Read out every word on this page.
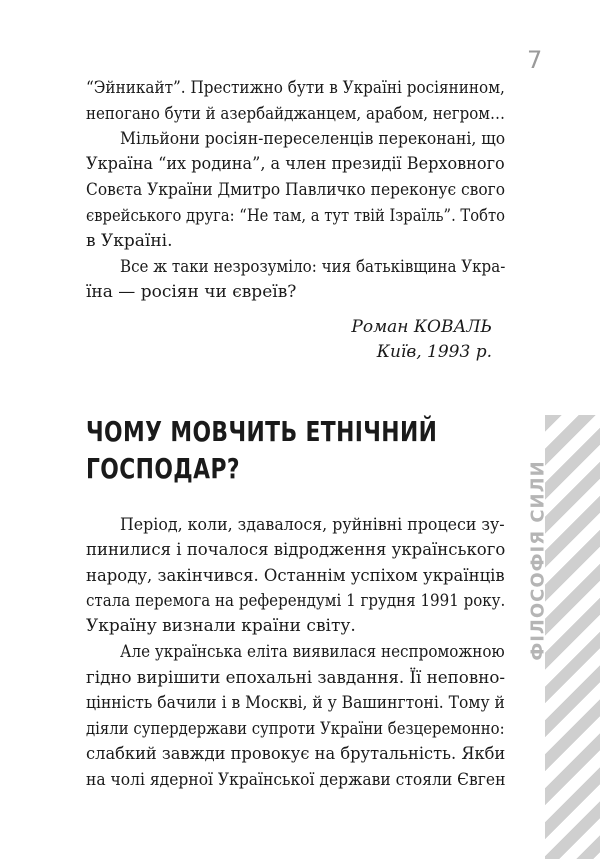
7
“Эйникайт”. Престижно бути в Україні росіянином,
непогано бути й азербайджанцем, арабом, негром…
Мільйони росіян-переселенців переконані, що
Україна “их родина”, а член президії Верховного
Совєта України Дмитро Павличко переконує свого
єврейського друга: “Не там, а тут твій Ізраїль”. Тобто
в Україні.
Все ж таки незрозуміло: чия батьківщина Укра-
їна — росіян чи євреїв?
Роман КОВАЛЬ
Київ, 1993 р.
ЧОМУ МОВЧИТЬ ЕТНІЧНИЙ
ГОСПОДАР?
Період, коли, здавалося, руйнівні процеси зу-
пинилися і почалося відродження українського
народу, закінчився. Останнім успіхом українців
стала перемога на референдумі 1 грудня 1991 року.
Україну визнали країни світу.
Але українська еліта виявилася неспроможною
гідно вирішити епохальні завдання. Її неповно-
цінність бачили і в Москві, й у Вашингтоні. Тому й
діяли супердержави супроти України безцеремонно:
слабкий завжди провокує на брутальність. Якби
на чолі ядерної Української держави стояли Євген
ФІЛОСОФІЯ СИЛИ
